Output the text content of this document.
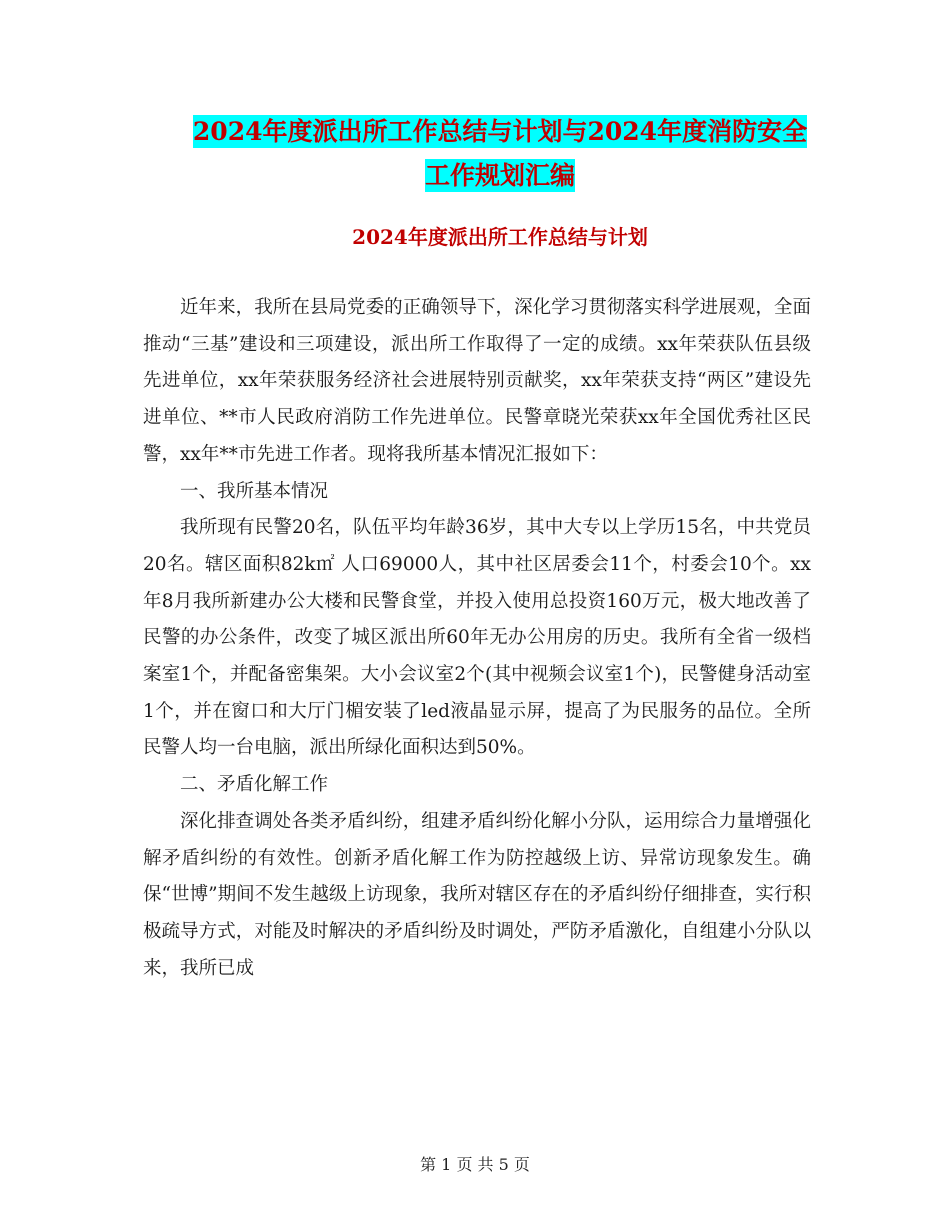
2024年度派出所工作总结与计划与2024年度消防安全
工作规划汇编
2024年度派出所工作总结与计划

近年来，我所在县局党委的正确领导下，深化学习贯彻落实科学进展观，全面推动“三基”建设和三项建设，派出所工作取得了一定的成绩。xx年荣获队伍县级先进单位，xx年荣获服务经济社会进展特别贡献奖，xx年荣获支持“两区”建设先进单位、**市人民政府消防工作先进单位。民警章晓光荣获xx年全国优秀社区民警，xx年**市先进工作者。现将我所基本情况汇报如下：

一、我所基本情况

我所现有民警20名，队伍平均年龄36岁，其中大专以上学历15名，中共党员20名。辖区面积82k㎡ 人口69000人，其中社区居委会11个，村委会10个。xx年8月我所新建办公大楼和民警食堂，并投入使用总投资160万元，极大地改善了民警的办公条件，改变了城区派出所60年无办公用房的历史。我所有全省一级档案室1个，并配备密集架。大小会议室2个(其中视频会议室1个)，民警健身活动室1个，并在窗口和大厅门楣安装了led液晶显示屏，提高了为民服务的品位。全所民警人均一台电脑，派出所绿化面积达到50%。

二、矛盾化解工作

深化排查调处各类矛盾纠纷，组建矛盾纠纷化解小分队，运用综合力量增强化解矛盾纠纷的有效性。创新矛盾化解工作为防控越级上访、异常访现象发生。确保“世博”期间不发生越级上访现象，我所对辖区存在的矛盾纠纷仔细排查，实行积极疏导方式，对能及时解决的矛盾纠纷及时调处，严防矛盾激化，自组建小分队以来，我所已成

第 1 页 共 5 页
